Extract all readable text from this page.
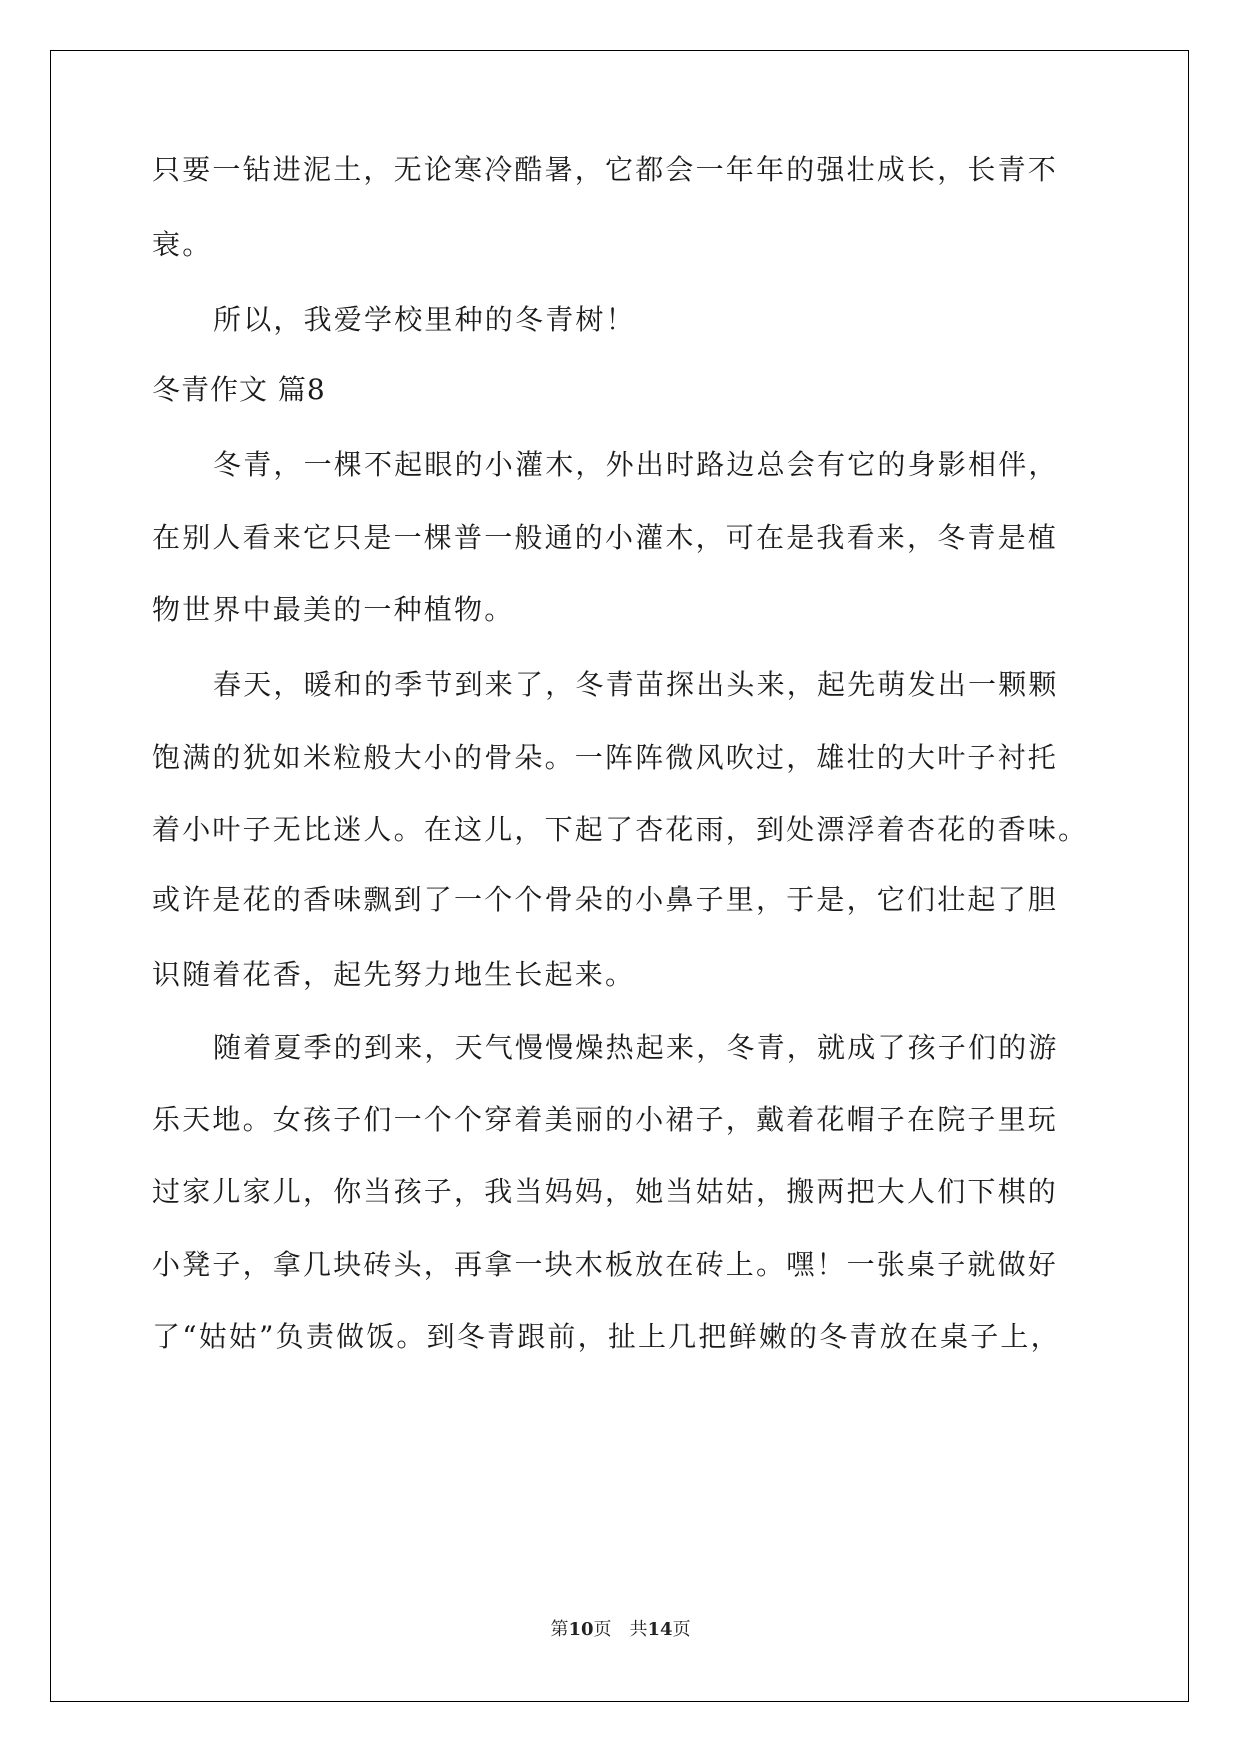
只要一钻进泥土，无论寒冷酷暑，它都会一年年的强壮成长，长青不
衰。
所以，我爱学校里种的冬青树！
冬青作文 篇8
冬青，一棵不起眼的小灌木，外出时路边总会有它的身影相伴，
在别人看来它只是一棵普一般通的小灌木，可在是我看来，冬青是植
物世界中最美的一种植物。
春天，暖和的季节到来了，冬青苗探出头来，起先萌发出一颗颗
饱满的犹如米粒般大小的骨朵。一阵阵微风吹过，雄壮的大叶子衬托
着小叶子无比迷人。在这儿，下起了杏花雨，到处漂浮着杏花的香味。
或许是花的香味飘到了一个个骨朵的小鼻子里，于是，它们壮起了胆
识随着花香，起先努力地生长起来。
随着夏季的到来，天气慢慢燥热起来，冬青，就成了孩子们的游
乐天地。女孩子们一个个穿着美丽的小裙子，戴着花帽子在院子里玩
过家儿家儿，你当孩子，我当妈妈，她当姑姑，搬两把大人们下棋的
小凳子，拿几块砖头，再拿一块木板放在砖上。嘿！一张桌子就做好
了“姑姑”负责做饭。到冬青跟前，扯上几把鲜嫩的冬青放在桌子上，
第10页　共14页
